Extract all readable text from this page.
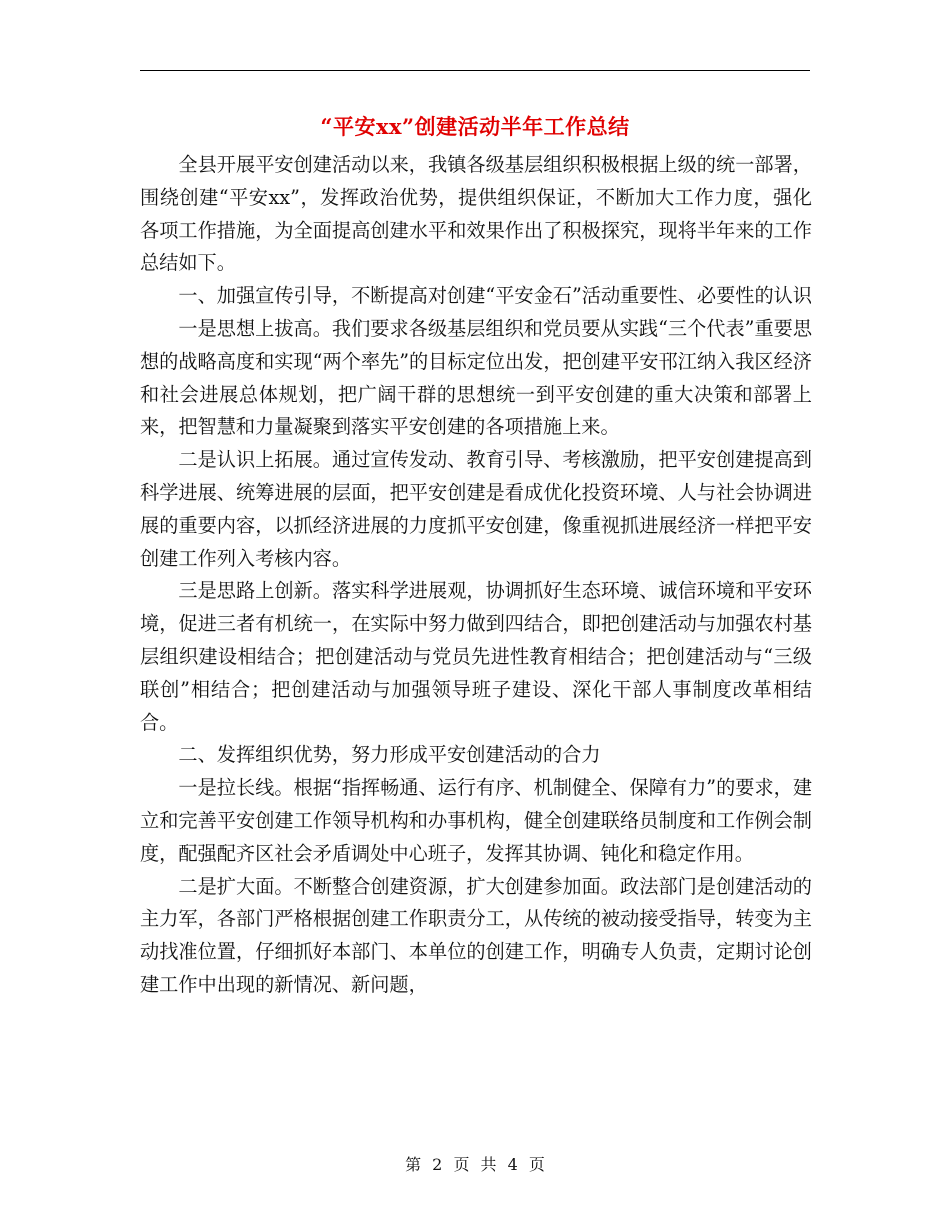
“平安xx”创建活动半年工作总结

全县开展平安创建活动以来，我镇各级基层组织积极根据上级的统一部署，围绕创建“平安xx”，发挥政治优势，提供组织保证，不断加大工作力度，强化各项工作措施，为全面提高创建水平和效果作出了积极探究，现将半年来的工作总结如下。

一、加强宣传引导，不断提高对创建“平安金石”活动重要性、必要性的认识

一是思想上拔高。我们要求各级基层组织和党员要从实践“三个代表”重要思想的战略高度和实现“两个率先”的目标定位出发，把创建平安邗江纳入我区经济和社会进展总体规划，把广阔干群的思想统一到平安创建的重大决策和部署上来，把智慧和力量凝聚到落实平安创建的各项措施上来。

二是认识上拓展。通过宣传发动、教育引导、考核激励，把平安创建提高到科学进展、统筹进展的层面，把平安创建是看成优化投资环境、人与社会协调进展的重要内容，以抓经济进展的力度抓平安创建，像重视抓进展经济一样把平安创建工作列入考核内容。

三是思路上创新。落实科学进展观，协调抓好生态环境、诚信环境和平安环境，促进三者有机统一，在实际中努力做到四结合，即把创建活动与加强农村基层组织建设相结合；把创建活动与党员先进性教育相结合；把创建活动与“三级联创”相结合；把创建活动与加强领导班子建设、深化干部人事制度改革相结合。

二、发挥组织优势，努力形成平安创建活动的合力

一是拉长线。根据“指挥畅通、运行有序、机制健全、保障有力”的要求，建立和完善平安创建工作领导机构和办事机构，健全创建联络员制度和工作例会制度，配强配齐区社会矛盾调处中心班子，发挥其协调、钝化和稳定作用。

二是扩大面。不断整合创建资源，扩大创建参加面。政法部门是创建活动的主力军，各部门严格根据创建工作职责分工，从传统的被动接受指导，转变为主动找准位置，仔细抓好本部门、本单位的创建工作，明确专人负责，定期讨论创建工作中出现的新情况、新问题，

第 2 页 共 4 页
